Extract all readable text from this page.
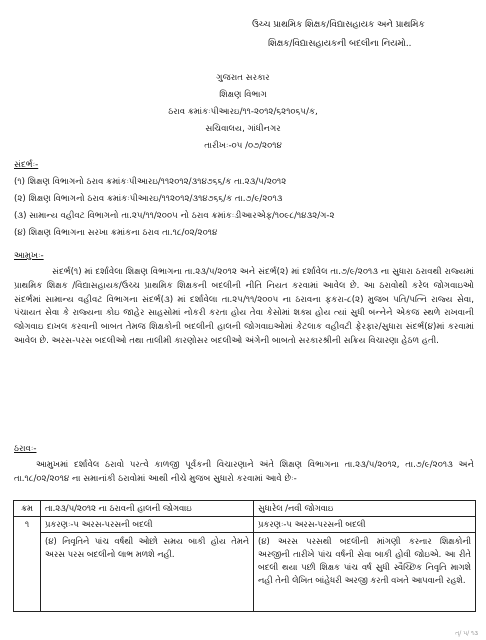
ઉચ્ચ પ્રાથમિક શિક્ષક/વિદ્યાસહાયક અને પ્રાથમિક
શિક્ષક/વિદ્યાસહાયકની બદલીના નિયમો..
ગુજરાત સરકાર
શિક્ષણ વિભાગ
ઠરાવ ક્રમાંકઃપીઆરઇ/૧૧-૨૦૧૨/૬૨૧૦૬૫/ક,
સચિવાલય, ગાંધીનગર
તારીખઃ-૦૫ /૦૭/૨૦૧૪
સંદર્ભઃ-
(૧) શિક્ષણ વિભાગનો ઠરાવ ક્રમાંકઃપીઆરઇ/૧૧૨૦૧૨/૩૧૪૭૬૬/ક તા.૨૩/૫/૨૦૧૨
(૨) શિક્ષણ વિભાગનો ઠરાવ ક્રમાંકઃપીઆરઇ/૧૧૨૦૧૨/૩૧૪૭૬૬/ક તા.૭/૯/૨૦૧૩
(૩) સામાન્ય વહીવટ વિભાગનો તા.૨૫/૧૧/૨૦૦૫ નો ઠરાવ ક્રમાંકઃડીઆરએફ/૧૦૯૮/૧૪૩૨/ગ-૨
(૪) શિક્ષણ વિભાગના સરખા ક્રમાંકના ઠરાવ તા.૧૮/૦૨/૨૦૧૪
આમુખઃ-
સંદર્ભ(૧) માં દર્શાવેલા શિક્ષણ વિભાગના તા.૨૩/૫/૨૦૧૨ અને સંદર્ભ(૨) માં દર્શાવેલ તા.૭/૯/૨૦૧૩ ના સુધારા ઠરાવથી રાજ્યમાં પ્રાથમિક શિક્ષક /વિદ્યાસહાયક/ઉચ્ચ પ્રાથમિક શિક્ષકની બદલીની નીતિ નિયત કરવામાં આવેલ છે. આ ઠરાવોથી કરેલ જોગવાઇઓ સંદર્ભમાં સામાન્ય વહીવટ વિભાગના સંદર્ભ(૩) માં દર્શાવેલા તા.૨૫/૧૧/૨૦૦૫ ના ઠરાવના ફકરા-૮(૨) મુજબ પતિ/પત્નિ રાજ્ય સેવા, પંચાયત સેવા કે રાજ્યના કોઇ જાહેર સાહસોમાં નોકરી કરતા હોય તેવા કેસોમાં શક્ય હોય ત્યાં સુધી બન્નેને એકજ સ્થળે રાખવાની જોગવાઇ દાખલ કરવાની બાબત તેમજ શિક્ષકોની બદલીની હાલની જોગવાઇઓમાં કેટલાક વહીવટી ફેરફાર/સુધારા સંદર્ભ(૪)માં કરવામાં આવેલ છે. અરસ-પરસ બદલીઓ તથા તાલીમી કારણોસર બદલીઓ અંગેની બાબતો સરકારશ્રીની સક્રિય વિચારણા હેઠળ હતી.
ઠરાવઃ-
આમુખમાં દર્શાવેલ ઠરાવો પરત્વે કાળજી પૂર્વકની વિચારણાને અંતે શિક્ષણ વિભાગના તા.૨૩/૫/૨૦૧૨, તા.૭/૯/૨૦૧૩ અને તા.૧૮/૦૨/૨૦૧૪ ના સમાનાંકી ઠરાવોમાં આથી નીચે મુજબ સુધારો કરવામાં આવે છેઃ-
ક્રમ	તા.૨૩/૫/૨૦૧૨ ના ઠરાવની હાલની જોગવાઇ	સુધારેલ /નવી જોગવાઇ
૧	પ્રકરણઃ-૫ અરસ-પરસની બદલી	પ્રકરણઃ-૫ અરસ-પરસની બદલી
	(૪) નિવૃતિને પાંચ વર્ષથી ઓછો સમય બાકી હોય તેમને અરસ પરસ બદલીનો લાભ મળશે નહી.	(૪) અરસ પરસથી બદલીની માંગણી કરનાર શિક્ષકોની અરજીની તારીખે પાંચ વર્ષની સેવા બાકી હોવી જોઇએ. આ રીતે બદલી થયા પછી શિક્ષક પાંચ વર્ષ સુધી સ્વૈચ્છિક નિવૃતિ માગશે નહી તેની લેખિત બાંહેધરી અરજી કરતી વખતે આપવાની રહશે.
ત્/ ૫/ ૧૩
